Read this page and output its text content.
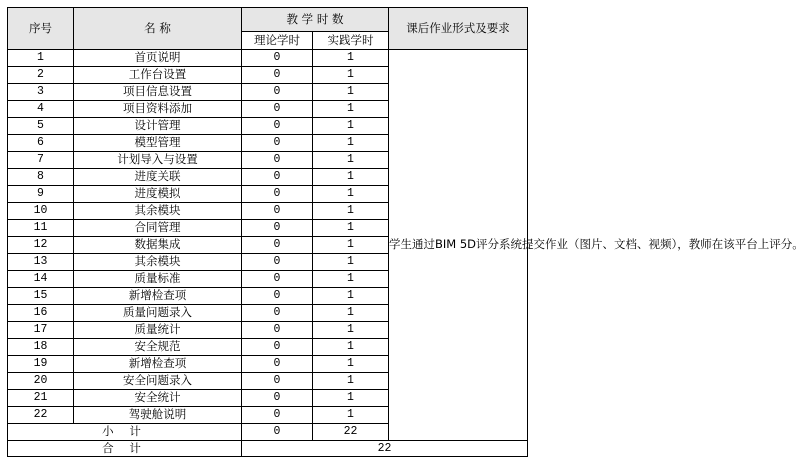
序号	名 称	教 学 时 数		课后作业形式及要求
		理论学时	实践学时	
1	首页说明	0	1	学生通过BIM 5D评分系统提交作业（图片、文档、视频），教师在该平台上评分。
2	工作台设置	0	1	
3	项目信息设置	0	1	
4	项目资料添加	0	1	
5	设计管理	0	1	
6	模型管理	0	1	
7	计划导入与设置	0	1	
8	进度关联	0	1	
9	进度模拟	0	1	
10	其余模块	0	1	
11	合同管理	0	1	
12	数据集成	0	1	
13	其余模块	0	1	
14	质量标准	0	1	
15	新增检查项	0	1	
16	质量问题录入	0	1	
17	质量统计	0	1	
18	安全规范	0	1	
19	新增检查项	0	1	
20	安全问题录入	0	1	
21	安全统计	0	1	
22	驾驶舱说明	0	1	
小 计		0	22	
合 计		22		
